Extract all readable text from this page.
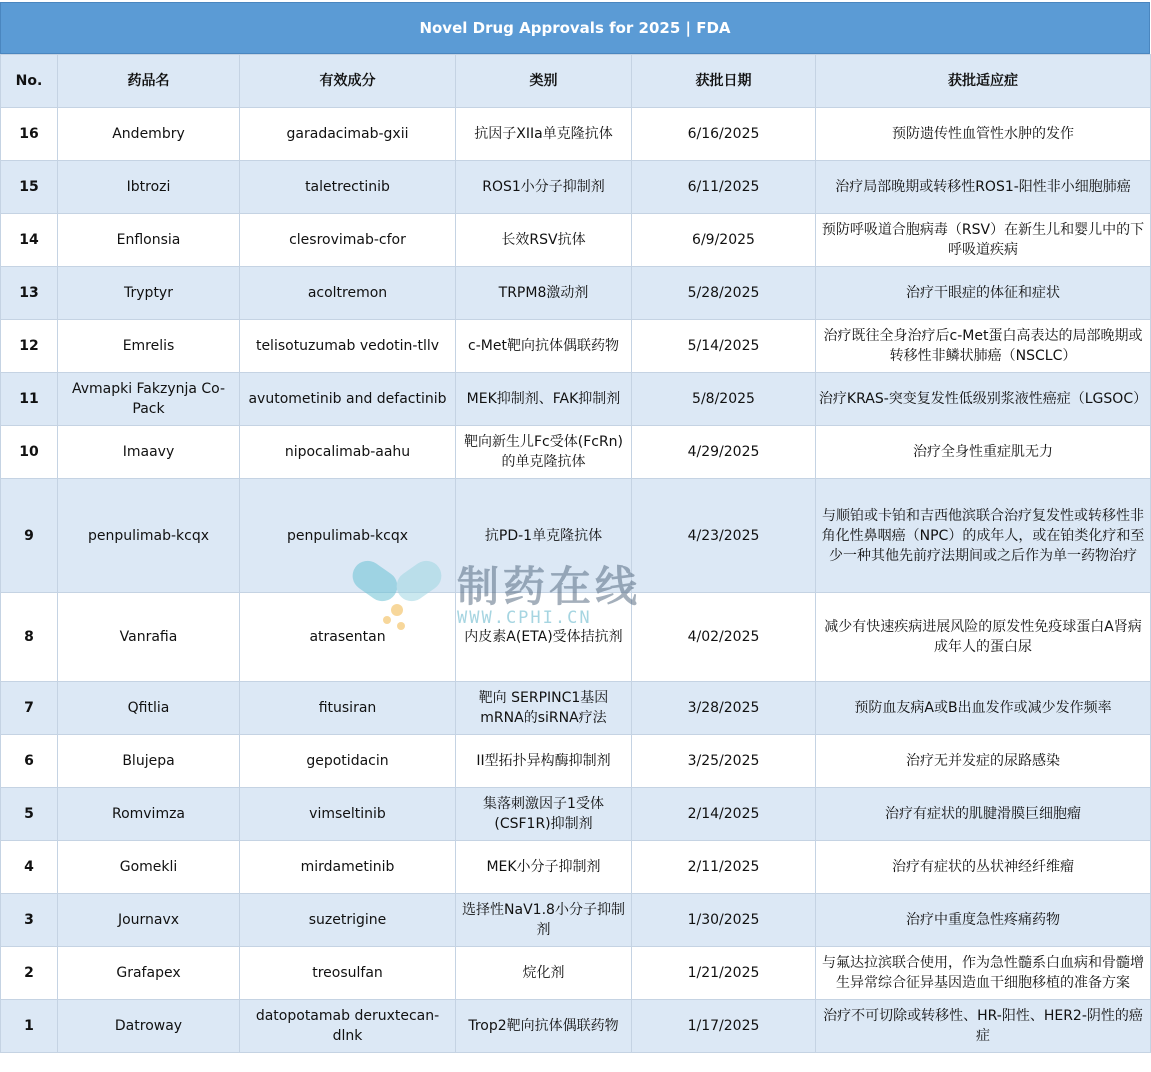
Novel Drug Approvals for 2025 | FDA
No.	药品名	有效成分	类别	获批日期	获批适应症
16	Andembry	garadacimab-gxii	抗因子XIIa单克隆抗体	6/16/2025	预防遗传性血管性水肿的发作
15	Ibtrozi	taletrectinib	ROS1小分子抑制剂	6/11/2025	治疗局部晚期或转移性ROS1-阳性非小细胞肺癌
14	Enflonsia	clesrovimab-cfor	长效RSV抗体	6/9/2025	预防呼吸道合胞病毒（RSV）在新生儿和婴儿中的下呼吸道疾病
13	Tryptyr	acoltremon	TRPM8激动剂	5/28/2025	治疗干眼症的体征和症状
12	Emrelis	telisotuzumab vedotin-tllv	c-Met靶向抗体偶联药物	5/14/2025	治疗既往全身治疗后c-Met蛋白高表达的局部晚期或转移性非鳞状肺癌（NSCLC）
11	Avmapki Fakzynja Co-Pack	avutometinib and defactinib	MEK抑制剂、FAK抑制剂	5/8/2025	治疗KRAS-突变复发性低级别浆液性癌症（LGSOC）
10	Imaavy	nipocalimab-aahu	靶向新生儿Fc受体(FcRn)的单克隆抗体	4/29/2025	治疗全身性重症肌无力
9	penpulimab-kcqx	penpulimab-kcqx	抗PD-1单克隆抗体	4/23/2025	与顺铂或卡铂和吉西他滨联合治疗复发性或转移性非角化性鼻咽癌（NPC）的成年人，或在铂类化疗和至少一种其他先前疗法期间或之后作为单一药物治疗
8	Vanrafia	atrasentan	内皮素A(ETA)受体拮抗剂	4/02/2025	减少有快速疾病进展风险的原发性免疫球蛋白A肾病成年人的蛋白尿
7	Qfitlia	fitusiran	靶向 SERPINC1基因mRNA的siRNA疗法	3/28/2025	预防血友病A或B出血发作或减少发作频率
6	Blujepa	gepotidacin	II型拓扑异构酶抑制剂	3/25/2025	治疗无并发症的尿路感染
5	Romvimza	vimseltinib	集落刺激因子1受体(CSF1R)抑制剂	2/14/2025	治疗有症状的肌腱滑膜巨细胞瘤
4	Gomekli	mirdametinib	MEK小分子抑制剂	2/11/2025	治疗有症状的丛状神经纤维瘤
3	Journavx	suzetrigine	选择性NaV1.8小分子抑制剂	1/30/2025	治疗中重度急性疼痛药物
2	Grafapex	treosulfan	烷化剂	1/21/2025	与氟达拉滨联合使用，作为急性髓系白血病和骨髓增生异常综合征异基因造血干细胞移植的准备方案
1	Datroway	datopotamab deruxtecan-dlnk	Trop2靶向抗体偶联药物	1/17/2025	治疗不可切除或转移性、HR-阳性、HER2-阴性的癌症
制药在线
WWW.CPHI.CN
